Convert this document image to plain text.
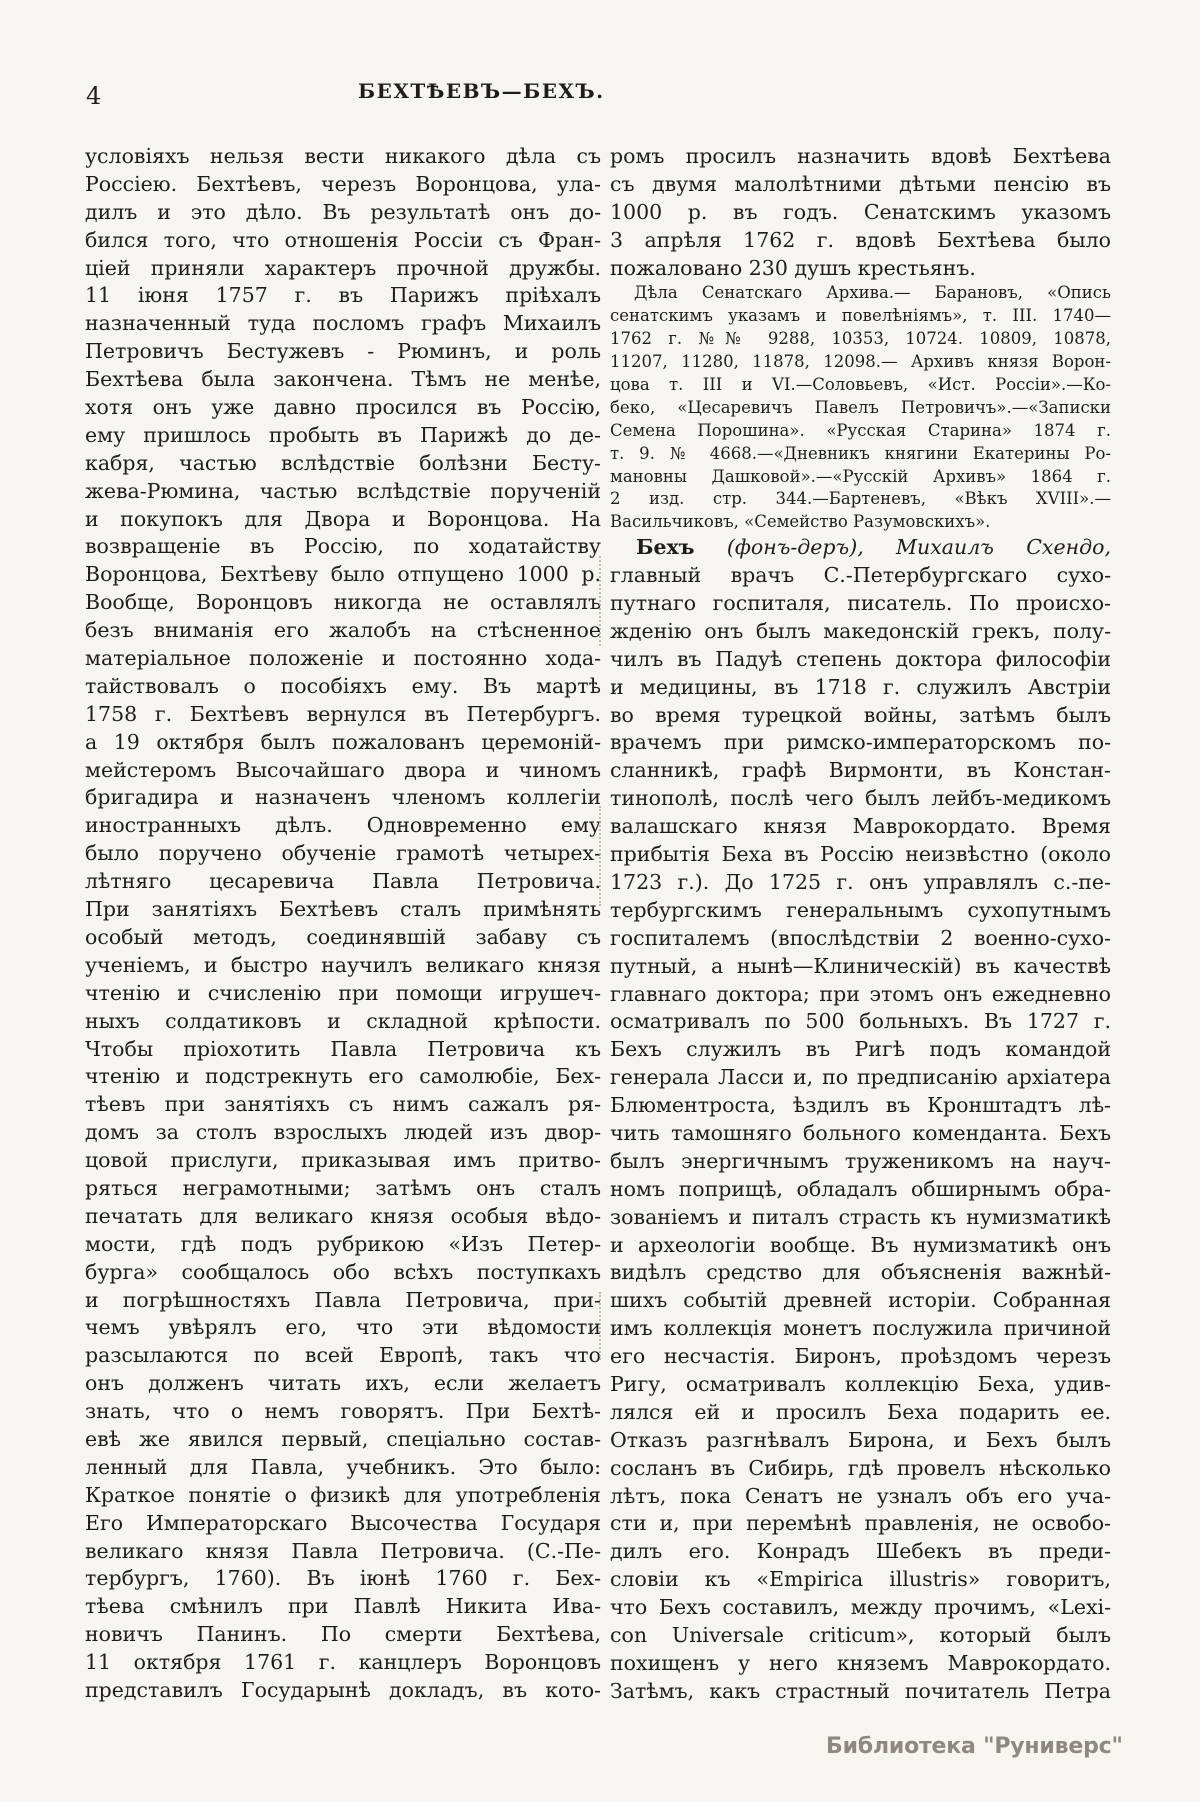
4	БЕХТѢЕВЪ—БЕХЪ.
условіяхъ нельзя вести никакого дѣла съ
Россіею. Бехтѣевъ, черезъ Воронцова, ула-
дилъ и это дѣло. Въ результатѣ онъ до-
бился того, что отношенія Россіи съ Фран-
ціей приняли характеръ прочной дружбы.
11 іюня 1757 г. въ Парижъ пріѣхалъ
назначенный туда посломъ графъ Михаилъ
Петровичъ Бестужевъ - Рюминъ, и роль
Бехтѣева была закончена. Тѣмъ не менѣе,
хотя онъ уже давно просился въ Россію,
ему пришлось пробыть въ Парижѣ до де-
кабря, частью вслѣдствіе болѣзни Бесту-
жева-Рюмина, частью вслѣдствіе порученій
и покупокъ для Двора и Воронцова. На
возвращеніе въ Россію, по ходатайству
Воронцова, Бехтѣеву было отпущено 1000 р.
Вообще, Воронцовъ никогда не оставлялъ
безъ вниманія его жалобъ на стѣсненное
матеріальное положеніе и постоянно хода-
тайствовалъ о пособіяхъ ему. Въ мартѣ
1758 г. Бехтѣевъ вернулся въ Петербургъ.
а 19 октября былъ пожалованъ церемоній-
мейстеромъ Высочайшаго двора и чиномъ
бригадира и назначенъ членомъ коллегіи
иностранныхъ дѣлъ. Одновременно ему
было поручено обученіе грамотѣ четырех-
лѣтняго цесаревича Павла Петровича.
При занятіяхъ Бехтѣевъ сталъ примѣнять
особый методъ, соединявшій забаву съ
ученіемъ, и быстро научилъ великаго князя
чтенію и счисленію при помощи игрушеч-
ныхъ солдатиковъ и складной крѣпости.
Чтобы пріохотить Павла Петровича къ
чтенію и подстрекнуть его самолюбіе, Бех-
тѣевъ при занятіяхъ съ нимъ сажалъ ря-
домъ за столъ взрослыхъ людей изъ двор-
цовой прислуги, приказывая имъ притво-
ряться неграмотными; затѣмъ онъ сталъ
печатать для великаго князя особыя вѣдо-
мости, гдѣ подъ рубрикою «Изъ Петер-
бурга» сообщалось обо всѣхъ поступкахъ
и погрѣшностяхъ Павла Петровича, при-
чемъ увѣрялъ его, что эти вѣдомости
разсылаются по всей Европѣ, такъ что
онъ долженъ читать ихъ, если желаетъ
знать, что о немъ говорятъ. При Бехтѣ-
евѣ же явился первый, спеціально состав-
ленный для Павла, учебникъ. Это было:
Краткое понятіе о физикѣ для употребленія
Его Императорскаго Высочества Государя
великаго князя Павла Петровича. (С.-Пе-
тербургъ, 1760). Въ іюнѣ 1760 г. Бех-
тѣева смѣнилъ при Павлѣ Никита Ива-
новичъ Панинъ. По смерти Бехтѣева,
11 октября 1761 г. канцлеръ Воронцовъ
представилъ Государынѣ докладъ, въ кото-
ромъ просилъ назначить вдовѣ Бехтѣева
съ двумя малолѣтними дѣтьми пенсію въ
1000 р. въ годъ. Сенатскимъ указомъ
3 апрѣля 1762 г. вдовѣ Бехтѣева было
пожаловано 230 душъ крестьянъ.
Дѣла Сенатскаго Архива.— Барановъ, «Опись
сенатскимъ указамъ и повелѣніямъ», т. III. 1740—
1762 г. №№ 9288, 10353, 10724. 10809, 10878,
11207, 11280, 11878, 12098.— Архивъ князя Ворон-
цова т. III и VI.—Соловьевъ, «Ист. Россіи».—Ко-
беко, «Цесаревичъ Павелъ Петровичъ».—«Записки
Семена Порошина». «Русская Старина» 1874 г.
т. 9. № 4668.—«Дневникъ княгини Екатерины Ро-
мановны Дашковой».—«Русскій Архивъ» 1864 г.
2 изд. стр. 344.—Бартеневъ, «Вѣкъ XVIII».—
Васильчиковъ, «Семейство Разумовскихъ».
Бехъ (фонъ-деръ), Михаилъ Схендо,
главный врачъ С.-Петербургскаго сухо-
путнаго госпиталя, писатель. По происхо-
жденію онъ былъ македонскій грекъ, полу-
чилъ въ Падуѣ степень доктора философіи
и медицины, въ 1718 г. служилъ Австріи
во время турецкой войны, затѣмъ былъ
врачемъ при римско-императорскомъ по-
сланникѣ, графѣ Вирмонти, въ Констан-
тинополѣ, послѣ чего былъ лейбъ-медикомъ
валашскаго князя Маврокордато. Время
прибытія Беха въ Россію неизвѣстно (около
1723 г.). До 1725 г. онъ управлялъ с.-пе-
тербургскимъ генеральнымъ сухопутнымъ
госпиталемъ (впослѣдствіи 2 военно-сухо-
путный, а нынѣ—Клиническій) въ качествѣ
главнаго доктора; при этомъ онъ ежедневно
осматривалъ по 500 больныхъ. Въ 1727 г.
Бехъ служилъ въ Ригѣ подъ командой
генерала Ласси и, по предписанію архіатера
Блюментроста, ѣздилъ въ Кронштадтъ лѣ-
чить тамошняго больного коменданта. Бехъ
былъ энергичнымъ труженикомъ на науч-
номъ поприщѣ, обладалъ обширнымъ обра-
зованіемъ и питалъ страсть къ нумизматикѣ
и археологіи вообще. Въ нумизматикѣ онъ
видѣлъ средство для объясненія важнѣй-
шихъ событій древней исторіи. Собранная
имъ коллекція монетъ послужила причиной
его несчастія. Биронъ, проѣздомъ черезъ
Ригу, осматривалъ коллекцію Беха, удив-
лялся ей и просилъ Беха подарить ее.
Отказъ разгнѣвалъ Бирона, и Бехъ былъ
сосланъ въ Сибирь, гдѣ провелъ нѣсколько
лѣтъ, пока Сенатъ не узналъ объ его уча-
сти и, при перемѣнѣ правленія, не освобо-
дилъ его. Конрадъ Шебекъ въ преди-
словіи къ «Empirica illustris» говоритъ,
что Бехъ составилъ, между прочимъ, «Lexi-
con Universale criticum», который былъ
похищенъ у него княземъ Маврокордато.
Затѣмъ, какъ страстный почитатель Петра
Библиотека "Руниверс"
